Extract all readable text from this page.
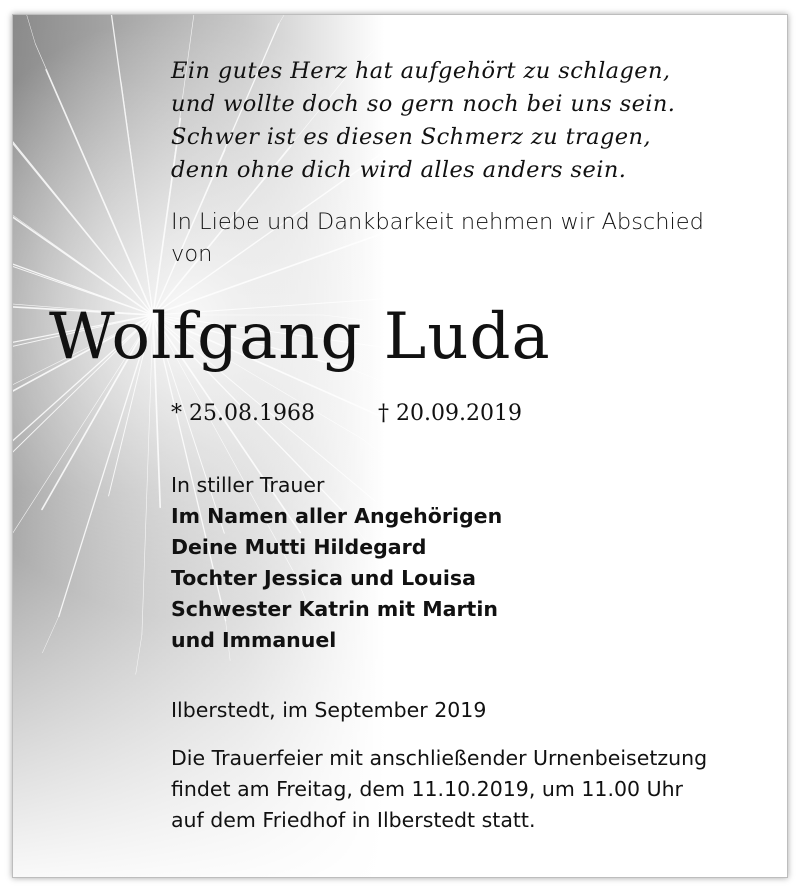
Ein gutes Herz hat aufgehört zu schlagen,
und wollte doch so gern noch bei uns sein.
Schwer ist es diesen Schmerz zu tragen,
denn ohne dich wird alles anders sein.
In Liebe und Dankbarkeit nehmen wir Abschied von
Wolfgang Luda
* 25.08.1968	† 20.09.2019
In stiller Trauer
Im Namen aller Angehörigen
Deine Mutti Hildegard
Tochter Jessica und Louisa
Schwester Katrin mit Martin
und Immanuel
Ilberstedt, im September 2019
Die Trauerfeier mit anschließender Urnenbeisetzung
findet am Freitag, dem 11.10.2019, um 11.00 Uhr
auf dem Friedhof in Ilberstedt statt.
